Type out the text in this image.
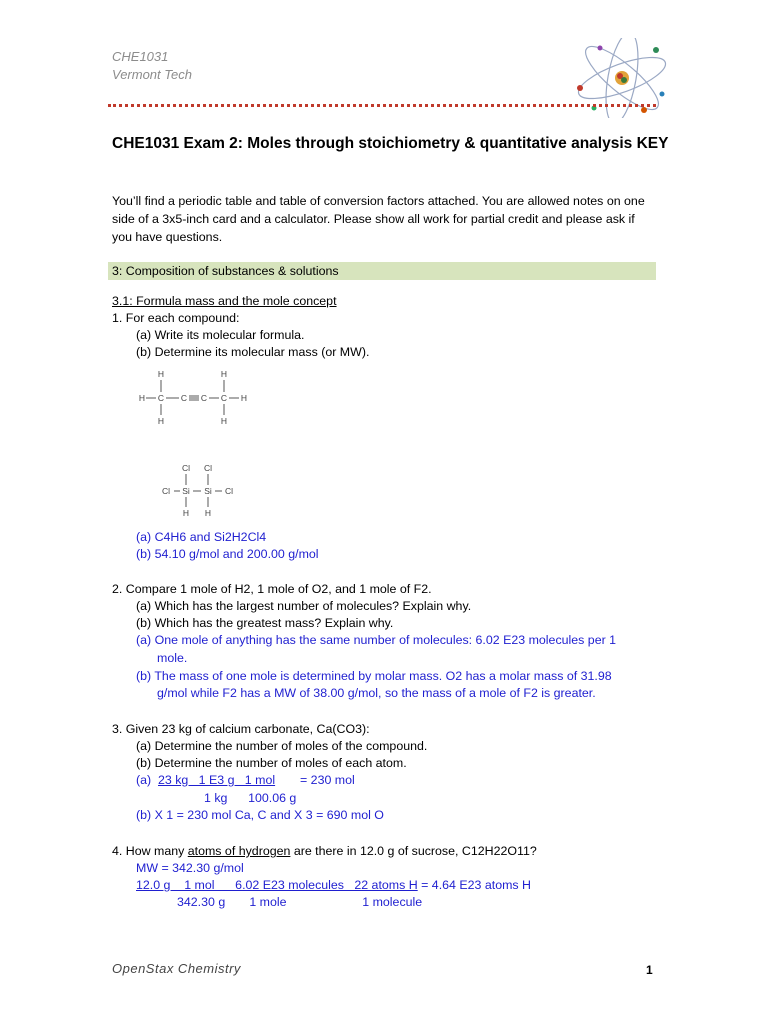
CHE1031
Vermont Tech
CHE1031 Exam 2: Moles through stoichiometry & quantitative analysis KEY
You’ll find a periodic table and table of conversion factors attached. You are allowed notes on one side of a 3x5-inch card and a calculator. Please show all work for partial credit and please ask if you have questions.
3: Composition of substances & solutions
3.1: Formula mass and the mole concept
1. For each compound:
(a) Write its molecular formula.
(b) Determine its molecular mass (or MW).
H	H
H C C C C H
H	H
Cl Cl
Cl Si Si Cl
H H
(a) C4H6 and Si2H2Cl4
(b) 54.10 g/mol and 200.00 g/mol
2. Compare 1 mole of H2, 1 mole of O2, and 1 mole of F2.
(a) Which has the largest number of molecules? Explain why.
(b) Which has the greatest mass? Explain why.
(a) One mole of anything has the same number of molecules: 6.02 E23 molecules per 1
mole.
(b) The mass of one mole is determined by molar mass. O2 has a molar mass of 31.98
g/mol while F2 has a MW of 38.00 g/mol, so the mass of a mole of F2 is greater.
3. Given 23 kg of calcium carbonate, Ca(CO3):
(a) Determine the number of moles of the compound.
(b) Determine the number of moles of each atom.
(a) 23 kg   1 E3 g   1 mol = 230 mol
1 kg      100.06 g
(b) X 1 = 230 mol Ca, C and X 3 = 690 mol O
4. How many atoms of hydrogen are there in 12.0 g of sucrose, C12H22O11?
MW = 342.30 g/mol
12.0 g    1 mol      6.02 E23 molecules   22 atoms H = 4.64 E23 atoms H
342.30 g       1 mole                      1 molecule
OpenStax Chemistry	1
